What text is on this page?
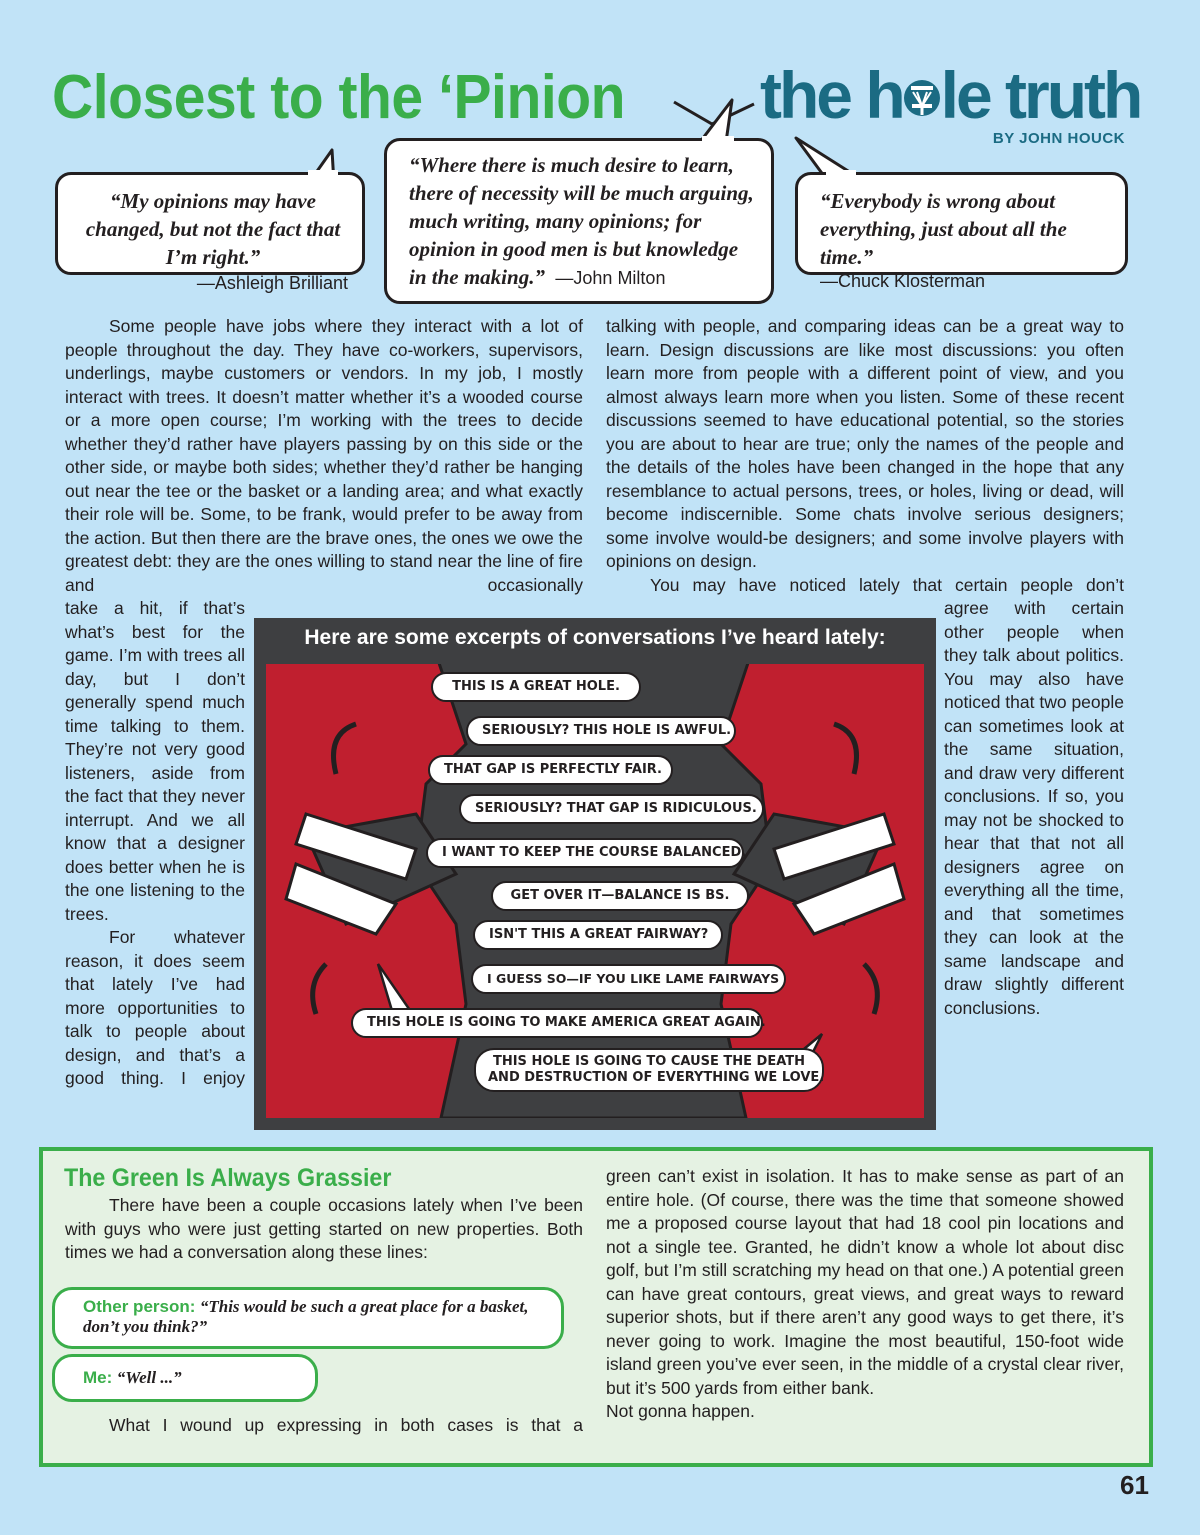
Closest to the ‘Pinion the h le truth
BY JOHN HOUCK
“My opinions may have changed, but not the fact that I’m right.”
—Ashleigh Brilliant
“Where there is much desire to learn, there of necessity will be much arguing, much writing, many opinions; for opinion in good men is but knowledge in the making.” —John Milton
“Everybody is wrong about everything, just about all the time.”
—Chuck Klosterman

Some people have jobs where they interact with a lot of people throughout the day. They have co-workers, supervisors, underlings, maybe customers or vendors. In my job, I mostly interact with trees. It doesn’t matter whether it’s a wooded course or a more open course; I’m working with the trees to decide whether they’d rather have players passing by on this side or the other side, or maybe both sides; whether they’d rather be hanging out near the tee or the basket or a landing area; and what exactly their role will be. Some, to be frank, would prefer to be away from the action. But then there are the brave ones, the ones we owe the greatest debt: they are the ones willing to stand near the line of fire and occasionally

take a hit, if that’s what’s best for the game. I’m with trees all day, but I don’t generally spend much time talking to them. They’re not very good listeners, aside from the fact that they never interrupt. And we all know that a designer does better when he is the one listening to the trees.

For whatever reason, it does seem that lately I’ve had more opportunities to talk to people about design, and that’s a good thing. I enjoy

talking with people, and comparing ideas can be a great way to learn. Design discussions are like most discussions: you often learn more from people with a different point of view, and you almost always learn more when you listen. Some of these recent discussions seemed to have educational potential, so the stories you are about to hear are true; only the names of the people and the details of the holes have been changed in the hope that any resemblance to actual persons, trees, or holes, living or dead, will become indiscernible. Some chats involve serious designers; some involve would-be designers; and some involve players with opinions on design.

You may have noticed lately that certain people don’t

agree with certain other people when they talk about politics. You may also have noticed that two people can sometimes look at the same situation, and draw very different conclusions. If so, you may not be shocked to hear that that not all designers agree on everything all the time, and that sometimes they can look at the same landscape and draw slightly different conclusions.

Here are some excerpts of conversations I’ve heard lately:
THIS IS A GREAT HOLE.
SERIOUSLY? THIS HOLE IS AWFUL.
THAT GAP IS PERFECTLY FAIR.
SERIOUSLY? THAT GAP IS RIDICULOUS.
I WANT TO KEEP THE COURSE BALANCED.
GET OVER IT—BALANCE IS BS.
ISN'T THIS A GREAT FAIRWAY?
I GUESS SO—IF YOU LIKE LAME FAIRWAYS
THIS HOLE IS GOING TO MAKE AMERICA GREAT AGAIN.
THIS HOLE IS GOING TO CAUSE THE DEATH
AND DESTRUCTION OF EVERYTHING WE LOVE.
The Green Is Always Grassier

There have been a couple occasions lately when I’ve been with guys who were just getting started on new properties. Both times we had a conversation along these lines:

Other person: “This would be such a great place for a basket, don’t you think?”
Me: “Well ...”

What I wound up expressing in both cases is that a

green can’t exist in isolation. It has to make sense as part of an entire hole. (Of course, there was the time that someone showed me a proposed course layout that had 18 cool pin locations and not a single tee. Granted, he didn’t know a whole lot about disc golf, but I’m still scratching my head on that one.) A potential green can have great contours, great views, and great ways to reward superior shots, but if there aren’t any good ways to get there, it’s never going to work. Imagine the most beautiful, 150-foot wide island green you’ve ever seen, in the middle of a crystal clear river, but it’s 500 yards from either bank.

Not gonna happen.

61
